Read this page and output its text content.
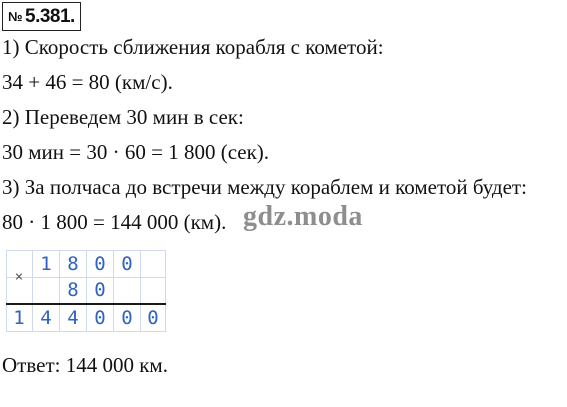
№ 5.381.
1) Скорость сближения корабля с кометой:
34 + 46 = 80 (км/с).
2) Переведем 30 мин в сек:
30 мин = 30 · 60 = 1 800 (сек).
3) За полчаса до встречи между кораблем и кометой будет:
80 · 1 800 = 144 000 (км). gdz.moda
×
1 8 0 0
8 0
1 4 4 0 0 0
Ответ: 144 000 км.
